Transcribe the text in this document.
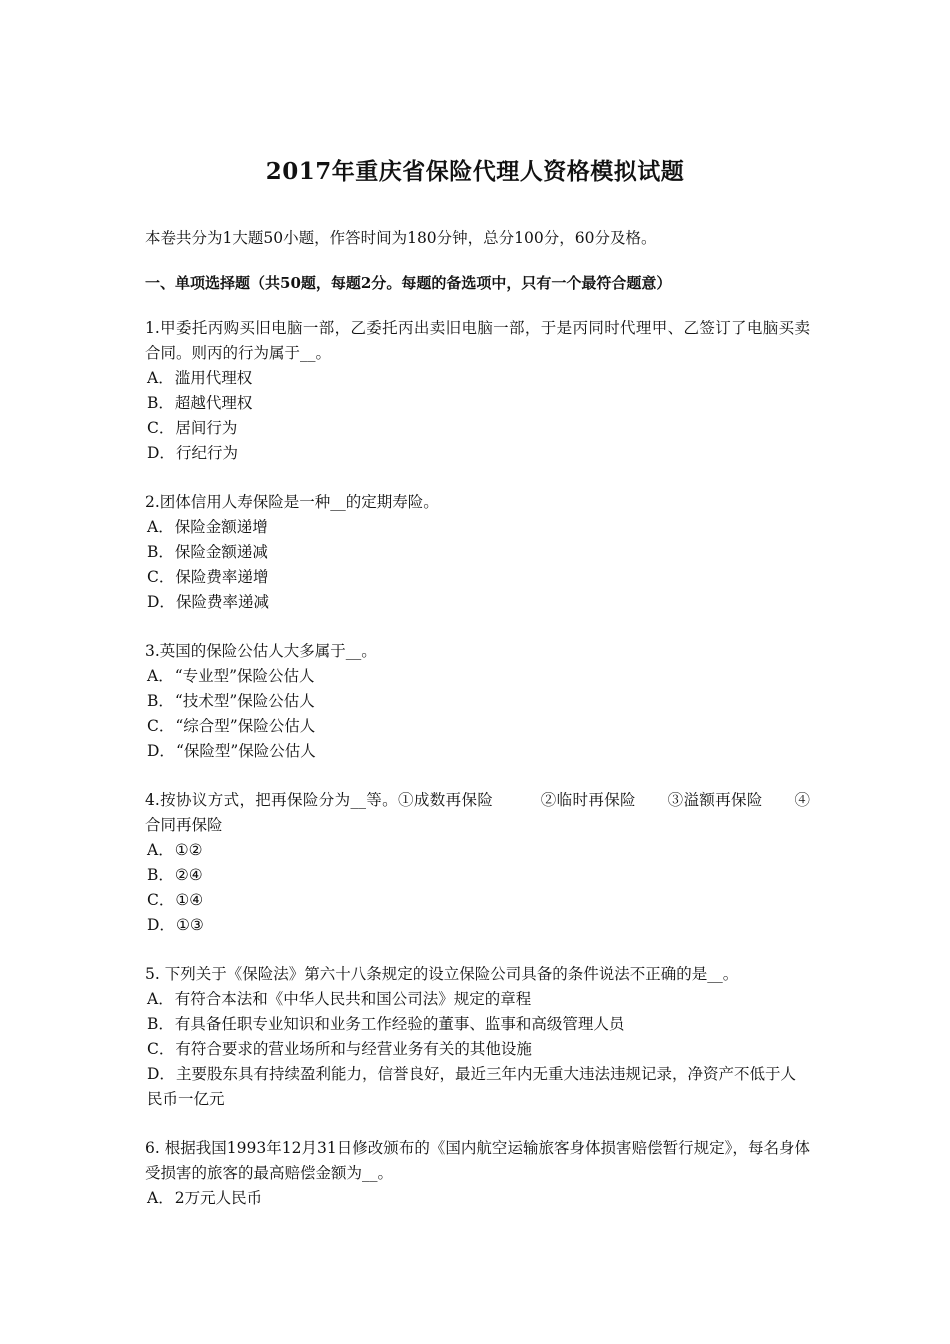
2017年重庆省保险代理人资格模拟试题

本卷共分为1大题50小题，作答时间为180分钟，总分100分，60分及格。

一、单项选择题（共50题，每题2分。每题的备选项中，只有一个最符合题意）

1.甲委托丙购买旧电脑一部，乙委托丙出卖旧电脑一部，于是丙同时代理甲、乙签订了电脑买卖合同。则丙的行为属于__。

A．滥用代理权
B．超越代理权
C．居间行为
D．行纪行为

2.团体信用人寿保险是一种__的定期寿险。

A．保险金额递增
B．保险金额递减
C．保险费率递增
D．保险费率递减

3.英国的保险公估人大多属于__。

A．“专业型”保险公估人
B．“技术型”保险公估人
C．“综合型”保险公估人
D．“保险型”保险公估人

4.按协议方式，把再保险分为__等。①成数再保险　　　②临时再保险　　③溢额再保险　　④合同再保险

A．①②
B．②④
C．①④
D．①③

5. 下列关于《保险法》第六十八条规定的设立保险公司具备的条件说法不正确的是__。

A．有符合本法和《中华人民共和国公司法》规定的章程
B．有具备任职专业知识和业务工作经验的董事、监事和高级管理人员
C．有符合要求的营业场所和与经营业务有关的其他设施
D．主要股东具有持续盈利能力，信誉良好，最近三年内无重大违法违规记录，净资产不低于人民币一亿元

6. 根据我国1993年12月31日修改颁布的《国内航空运输旅客身体损害赔偿暂行规定》，每名身体受损害的旅客的最高赔偿金额为__。

A．2万元人民币
